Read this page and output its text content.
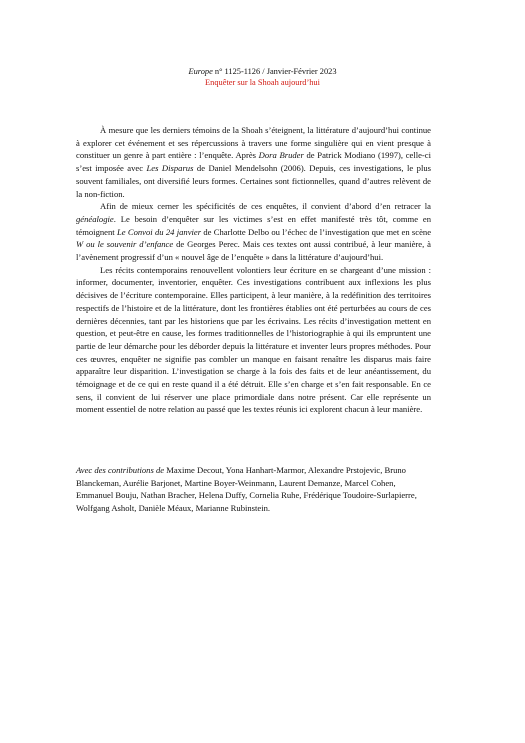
Europe n° 1125-1126 / Janvier-Février 2023
Enquêter sur la Shoah aujourd’hui

À mesure que les derniers témoins de la Shoah s’éteignent, la littérature d’aujourd’hui continue à explorer cet événement et ses répercussions à travers une forme singulière qui en vient presque à constituer un genre à part entière : l’enquête. Après Dora Bruder de Patrick Modiano (1997), celle-ci s’est imposée avec Les Disparus de Daniel Mendelsohn (2006). Depuis, ces investigations, le plus souvent familiales, ont diversifié leurs formes. Certaines sont fictionnelles, quand d’autres relèvent de la non-fiction.

Afin de mieux cerner les spécificités de ces enquêtes, il convient d’abord d’en retracer la généalogie. Le besoin d’enquêter sur les victimes s’est en effet manifesté très tôt, comme en témoignent Le Convoi du 24 janvier de Charlotte Delbo ou l’échec de l’investigation que met en scène W ou le souvenir d’enfance de Georges Perec. Mais ces textes ont aussi contribué, à leur manière, à l’avènement progressif d’un « nouvel âge de l’enquête » dans la littérature d’aujourd’hui.

Les récits contemporains renouvellent volontiers leur écriture en se chargeant d’une mission : informer, documenter, inventorier, enquêter. Ces investigations contribuent aux inflexions les plus décisives de l’écriture contemporaine. Elles participent, à leur manière, à la redéfinition des territoires respectifs de l’histoire et de la littérature, dont les frontières établies ont été perturbées au cours de ces dernières décennies, tant par les historiens que par les écrivains. Les récits d’investigation mettent en question, et peut-être en cause, les formes traditionnelles de l’historiographie à qui ils empruntent une partie de leur démarche pour les déborder depuis la littérature et inventer leurs propres méthodes. Pour ces œuvres, enquêter ne signifie pas combler un manque en faisant renaître les disparus mais faire apparaître leur disparition. L’investigation se charge à la fois des faits et de leur anéantissement, du témoignage et de ce qui en reste quand il a été détruit. Elle s’en charge et s’en fait responsable. En ce sens, il convient de lui réserver une place primordiale dans notre présent. Car elle représente un moment essentiel de notre relation au passé que les textes réunis ici explorent chacun à leur manière.

Avec des contributions de Maxime Decout, Yona Hanhart-Marmor, Alexandre Prstojevic, Bruno Blanckeman, Aurélie Barjonet, Martine Boyer-Weinmann, Laurent Demanze, Marcel Cohen, Emmanuel Bouju, Nathan Bracher, Helena Duffy, Cornelia Ruhe, Frédérique Toudoire-Surlapierre, Wolfgang Asholt, Danièle Méaux, Marianne Rubinstein.
